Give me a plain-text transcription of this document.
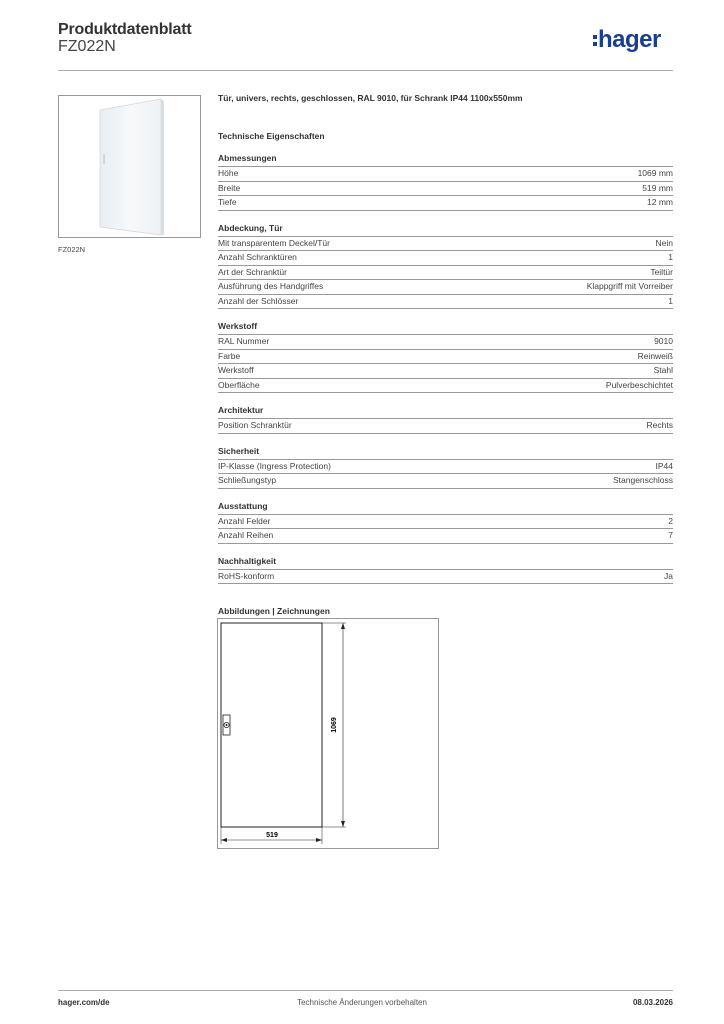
Produktdatenblatt
FZ022N	hager
FZ022N
Tür, univers, rechts, geschlossen, RAL 9010, für Schrank IP44 1100x550mm
Technische Eigenschaften
Abmessungen
Höhe	1069 mm
Breite	519 mm
Tiefe	12 mm
Abdeckung, Tür
Mit transparentem Deckel/Tür	Nein
Anzahl Schranktüren	1
Art der Schranktür	Teiltür
Ausführung des Handgriffes	Klappgriff mit Vorreiber
Anzahl der Schlösser	1
Werkstoff
RAL Nummer	9010
Farbe	Reinweiß
Werkstoff	Stahl
Oberfläche	Pulverbeschichtet
Architektur
Position Schranktür	Rechts
Sicherheit
IP-Klasse (Ingress Protection)	IP44
Schließungstyp	Stangenschloss
Ausstattung
Anzahl Felder	2
Anzahl Reihen	7
Nachhaltigkeit
RoHS-konform	Ja
Abbildungen | Zeichnungen
1069
519
hager.com/de	Technische Änderungen vorbehalten	08.03.2026
